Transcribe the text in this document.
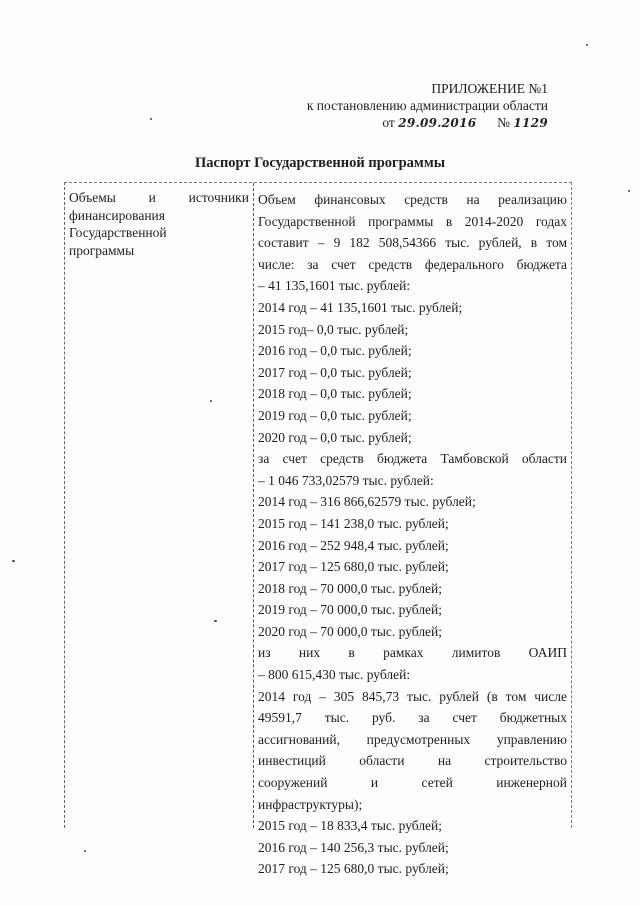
ПРИЛОЖЕНИЕ №1
к постановлению администрации области
от 29.09.2016 № 1129
Паспорт Государственной программы
Объемы и источники
финансирования
Государственной
программы
Объем финансовых средств на реализацию
Государственной программы в 2014-2020 годах
составит – 9 182 508,54366 тыс. рублей, в том
числе: за счет средств федерального бюджета
– 41 135,1601 тыс. рублей:
2014 год – 41 135,1601 тыс. рублей;
2015 год– 0,0 тыс. рублей;
2016 год – 0,0 тыс. рублей;
2017 год – 0,0 тыс. рублей;
2018 год – 0,0 тыс. рублей;
2019 год – 0,0 тыс. рублей;
2020 год – 0,0 тыс. рублей;
за счет средств бюджета Тамбовской области
– 1 046 733,02579 тыс. рублей:
2014 год – 316 866,62579 тыс. рублей;
2015 год – 141 238,0 тыс. рублей;
2016 год – 252 948,4 тыс. рублей;
2017 год – 125 680,0 тыс. рублей;
2018 год – 70 000,0 тыс. рублей;
2019 год – 70 000,0 тыс. рублей;
2020 год – 70 000,0 тыс. рублей;
из них в рамках лимитов ОАИП
– 800 615,430 тыс. рублей:
2014 год – 305 845,73 тыс. рублей (в том числе
49591,7 тыс. руб. за счет бюджетных
ассигнований, предусмотренных управлению
инвестиций области на строительство
сооружений и сетей инженерной
инфраструктуры);
2015 год – 18 833,4 тыс. рублей;
2016 год – 140 256,3 тыс. рублей;
2017 год – 125 680,0 тыс. рублей;
